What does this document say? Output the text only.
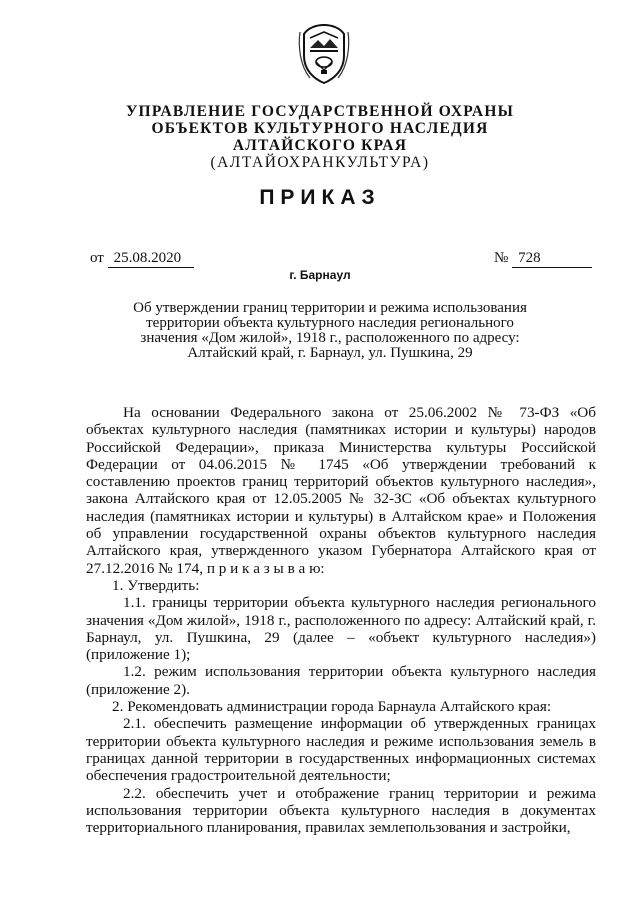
УПРАВЛЕНИЕ ГОСУДАРСТВЕННОЙ ОХРАНЫ
ОБЪЕКТОВ КУЛЬТУРНОГО НАСЛЕДИЯ
АЛТАЙСКОГО КРАЯ
(АЛТАЙОХРАНКУЛЬТУРА)
ПРИКАЗ
от 25.08.2020	№ 728
г. Барнаул
Об утверждении границ территории и режима использования
территории объекта культурного наследия регионального
значения «Дом жилой», 1918 г., расположенного по адресу:
Алтайский край, г. Барнаул, ул. Пушкина, 29

На основании Федерального закона от 25.06.2002 № 73-ФЗ «Об объектах культурного наследия (памятниках истории и культуры) народов Российской Федерации», приказа Министерства культуры Российской Федерации от 04.06.2015 № 1745 «Об утверждении требований к составлению проектов границ территорий объектов культурного наследия», закона Алтайского края от 12.05.2005 № 32-ЗС «Об объектах культурного наследия (памятниках истории и культуры) в Алтайском крае» и Положения об управлении государственной охраны объектов культурного наследия Алтайского края, утвержденного указом Губернатора Алтайского края от 27.12.2016 № 174, п р и к а з ы в а ю:

1. Утвердить:

1.1. границы территории объекта культурного наследия регионального значения «Дом жилой», 1918 г., расположенного по адресу: Алтайский край, г. Барнаул, ул. Пушкина, 29 (далее – «объект культурного наследия») (приложение 1);

1.2. режим использования территории объекта культурного наследия (приложение 2).

2. Рекомендовать администрации города Барнаула Алтайского края:

2.1. обеспечить размещение информации об утвержденных границах территории объекта культурного наследия и режиме использования земель в границах данной территории в государственных информационных системах обеспечения градостроительной деятельности;

2.2. обеспечить учет и отображение границ территории и режима использования территории объекта культурного наследия в документах территориального планирования, правилах землепользования и застройки,
